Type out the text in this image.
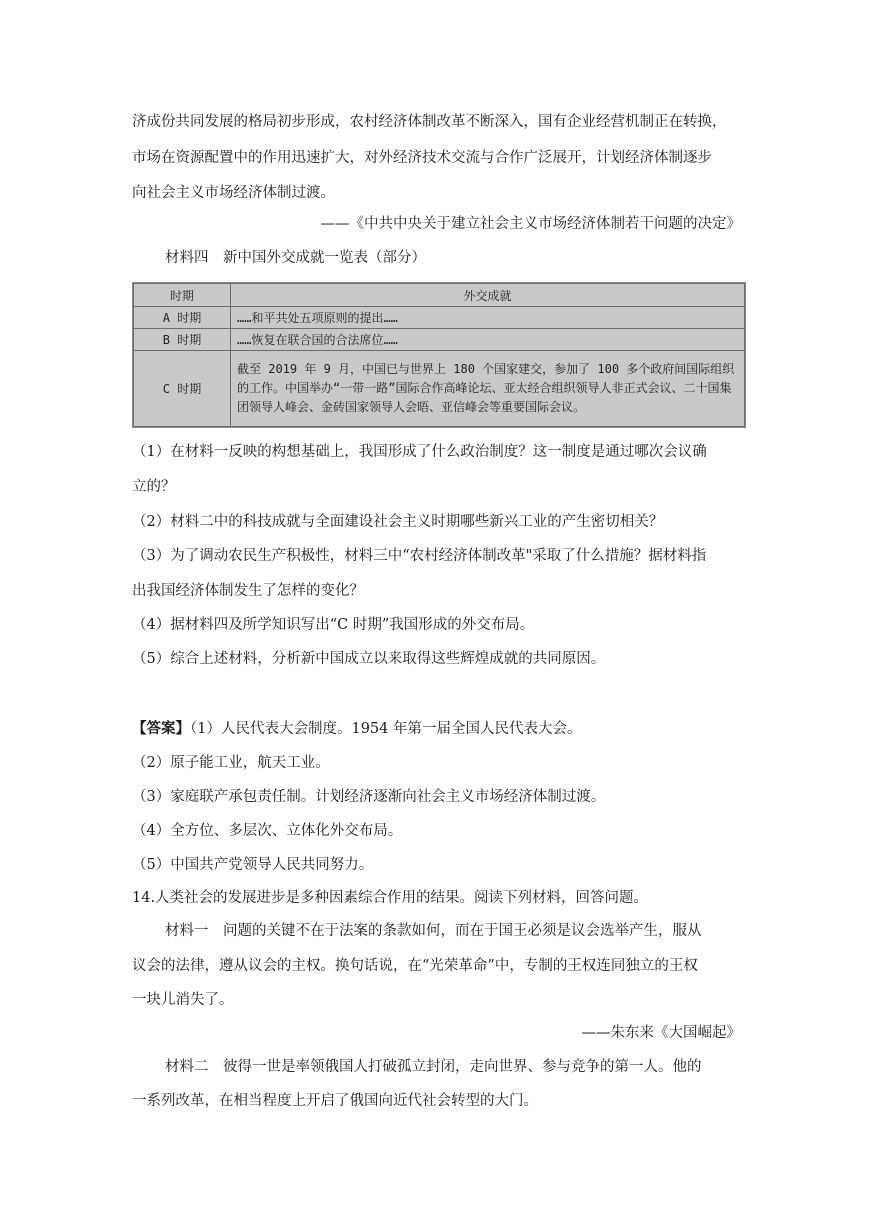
济成份共同发展的格局初步形成，农村经济体制改革不断深入，国有企业经营机制正在转换，
市场在资源配置中的作用迅速扩大，对外经济技术交流与合作广泛展开，计划经济体制逐步
向社会主义市场经济体制过渡。
——《中共中央关于建立社会主义市场经济体制若干问题的决定》
材料四　新中国外交成就一览表（部分）
时期	外交成就
A 时期	……和平共处五项原则的提出……
B 时期	……恢复在联合国的合法席位……
C 时期	截至 2019 年 9 月，中国已与世界上 180 个国家建交，参加了 100 多个政府间国际组织的工作。中国举办“一带一路”国际合作高峰论坛、亚太经合组织领导人非正式会议、二十国集团领导人峰会、金砖国家领导人会晤、亚信峰会等重要国际会议。
（1）在材料一反映的构想基础上，我国形成了什么政治制度？这一制度是通过哪次会议确
立的？
（2）材料二中的科技成就与全面建设社会主义时期哪些新兴工业的产生密切相关？
（3）为了调动农民生产积极性，材料三中“农村经济体制改革"采取了什么措施？据材料指
出我国经济体制发生了怎样的变化？
（4）据材料四及所学知识写出“C 时期”我国形成的外交布局。
（5）综合上述材料，分析新中国成立以来取得这些辉煌成就的共同原因。
【答案】（1）人民代表大会制度。1954 年第一届全国人民代表大会。
（2）原子能工业，航天工业。
（3）家庭联产承包责任制。计划经济逐渐向社会主义市场经济体制过渡。
（4）全方位、多层次、立体化外交布局。
（5）中国共产党领导人民共同努力。
14.人类社会的发展进步是多种因素综合作用的结果。阅读下列材料，回答问题。
材料一　问题的关键不在于法案的条款如何，而在于国王必须是议会选举产生，服从
议会的法律，遵从议会的主权。换句话说，在“光荣革命”中，专制的王权连同独立的王权
一块儿消失了。
——朱东来《大国崛起》
材料二　彼得一世是率领俄国人打破孤立封闭，走向世界、参与竞争的第一人。他的
一系列改革，在相当程度上开启了俄国向近代社会转型的大门。
